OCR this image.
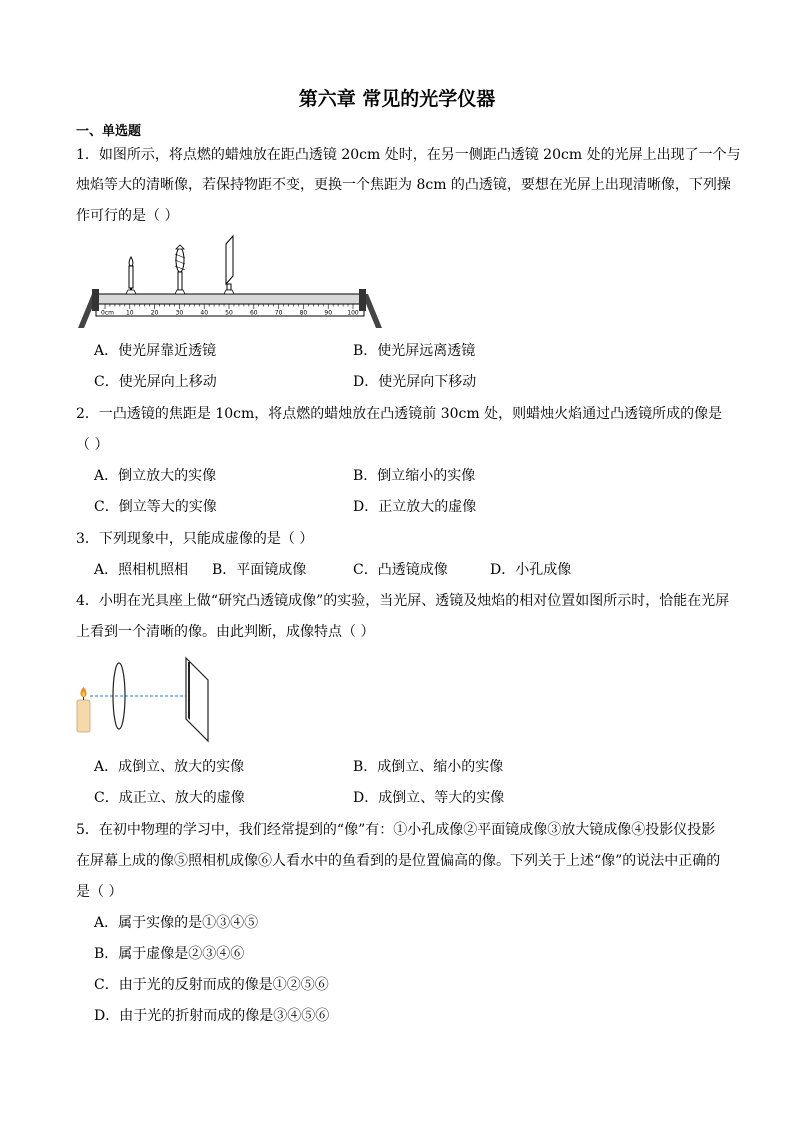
第六章 常见的光学仪器
一、单选题
1．如图所示，将点燃的蜡烛放在距凸透镜 20cm 处时，在另一侧距凸透镜 20cm 处的光屏上出现了一个与
烛焰等大的清晰像，若保持物距不变，更换一个焦距为 8cm 的凸透镜，要想在光屏上出现清晰像，下列操
作可行的是（ ）
0cm 10	20	30	40	50	60	70	80	90	100
A．使光屏靠近透镜	B．使光屏远离透镜
C．使光屏向上移动	D．使光屏向下移动
2．一凸透镜的焦距是 10cm，将点燃的蜡烛放在凸透镜前 30cm 处，则蜡烛火焰通过凸透镜所成的像是
（ ）
A．倒立放大的实像	B．倒立缩小的实像
C．倒立等大的实像	D．正立放大的虚像
3．下列现象中，只能成虚像的是（ ）
A．照相机照相 B．平面镜成像	C．凸透镜成像	D．小孔成像
4．小明在光具座上做“研究凸透镜成像”的实验，当光屏、透镜及烛焰的相对位置如图所示时，恰能在光屏
上看到一个清晰的像。由此判断，成像特点（ ）
A．成倒立、放大的实像	B．成倒立、缩小的实像
C．成正立、放大的虚像	D．成倒立、等大的实像
5．在初中物理的学习中，我们经常提到的“像”有：①小孔成像②平面镜成像③放大镜成像④投影仪投影
在屏幕上成的像⑤照相机成像⑥人看水中的鱼看到的是位置偏高的像。下列关于上述“像”的说法中正确的
是（ ）
A．属于实像的是①③④⑤
B．属于虚像是②③④⑥
C．由于光的反射而成的像是①②⑤⑥
D．由于光的折射而成的像是③④⑤⑥
